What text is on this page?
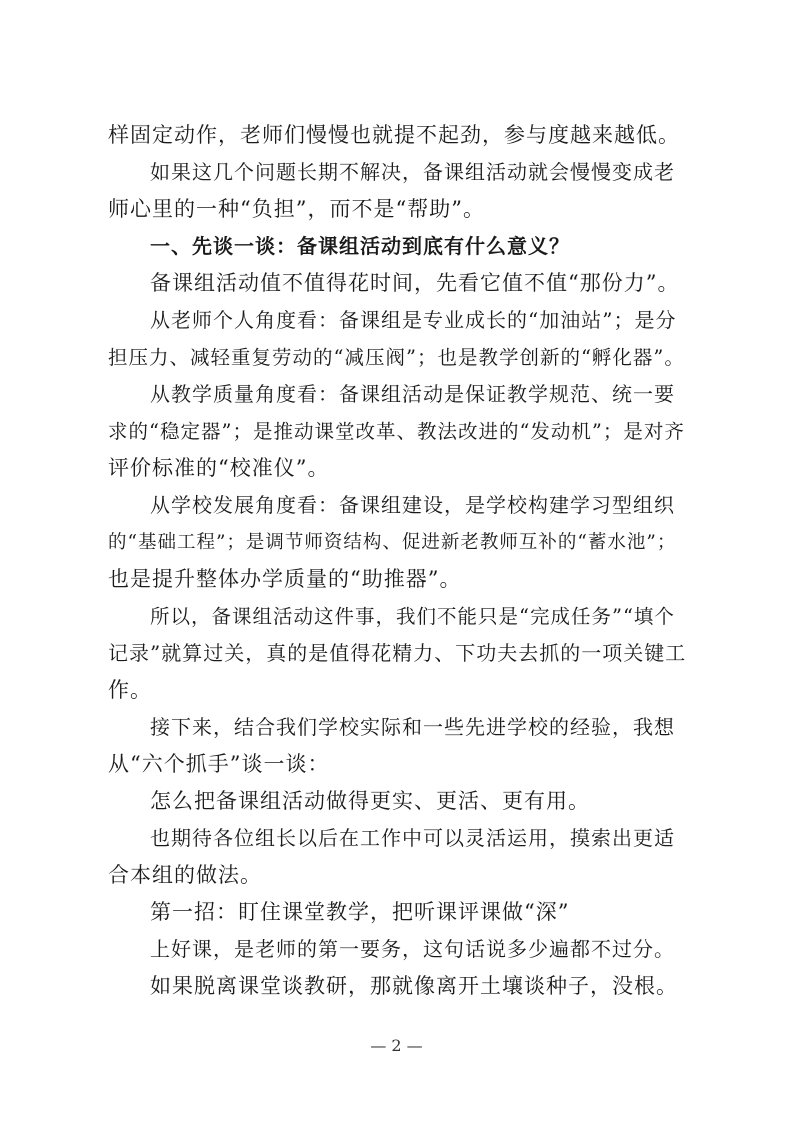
样固定动作，老师们慢慢也就提不起劲，参与度越来越低。

如果这几个问题长期不解决，备课组活动就会慢慢变成老

师心里的一种“负担”，而不是“帮助”。

一、先谈一谈：备课组活动到底有什么意义？

备课组活动值不值得花时间，先看它值不值“那份力”。

从老师个人角度看：备课组是专业成长的“加油站”；是分

担压力、减轻重复劳动的“减压阀”；也是教学创新的“孵化器”。

从教学质量角度看：备课组活动是保证教学规范、统一要

求的“稳定器”；是推动课堂改革、教法改进的“发动机”；是对齐

评价标准的“校准仪”。

从学校发展角度看：备课组建设，是学校构建学习型组织

的“基础工程”；是调节师资结构、促进新老教师互补的“蓄水池”；

也是提升整体办学质量的“助推器”。

所以，备课组活动这件事，我们不能只是“完成任务”“填个

记录”就算过关，真的是值得花精力、下功夫去抓的一项关键工

作。

接下来，结合我们学校实际和一些先进学校的经验，我想

从“六个抓手”谈一谈：

怎么把备课组活动做得更实、更活、更有用。

也期待各位组长以后在工作中可以灵活运用，摸索出更适

合本组的做法。

第一招：盯住课堂教学，把听课评课做“深”

上好课，是老师的第一要务，这句话说多少遍都不过分。

如果脱离课堂谈教研，那就像离开土壤谈种子，没根。

— 2 —
